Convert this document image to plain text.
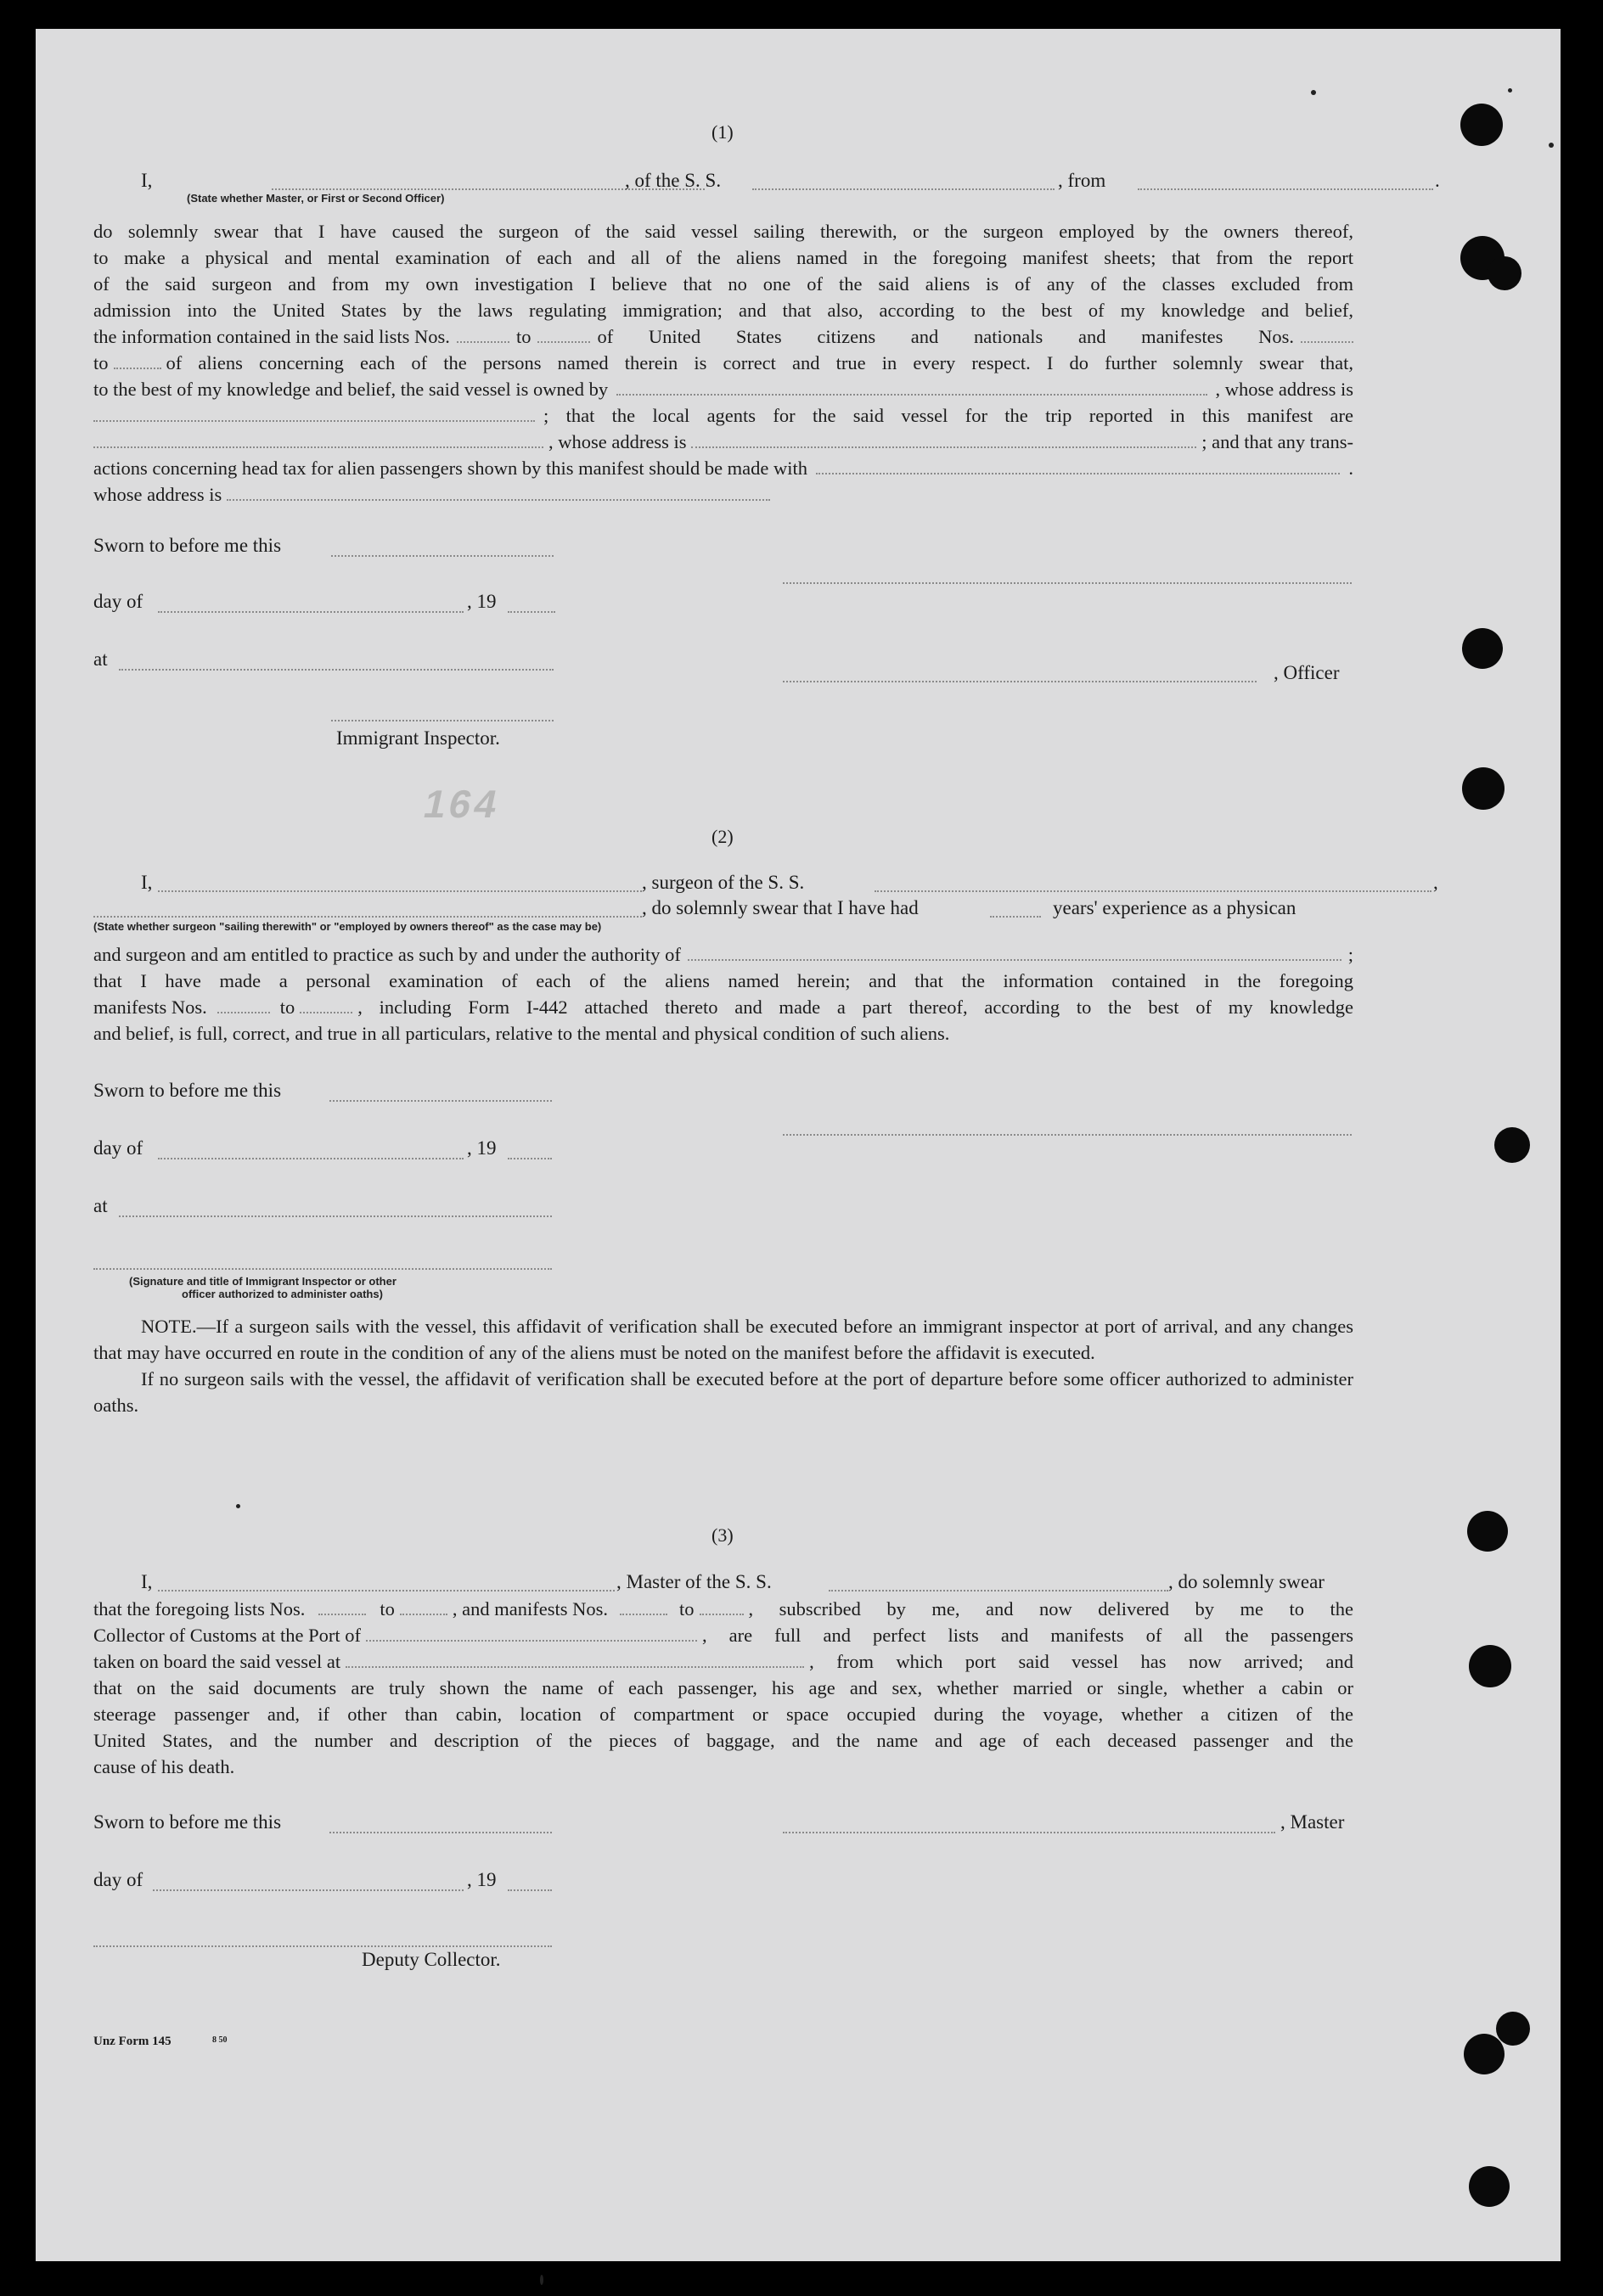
(1)
I,	, of the S. S.	, from	.
(State whether Master, or First or Second Officer)
do solemnly swear that I have caused the surgeon of the said vessel sailing therewith, or the surgeon employed by the owners thereof,
to make a physical and mental examination of each and all of the aliens named in the foregoing manifest sheets; that from the report
of the said surgeon and from my own investigation I believe that no one of the said aliens is of any of the classes excluded from
admission into the United States by the laws regulating immigration; and that also, according to the best of my knowledge and belief,
the information contained in the said lists Nos.	to	of United States citizens and nationals and manifestes Nos.
to	of aliens concerning each of the persons named therein is correct and true in every respect. I do further solemnly swear that,
to the best of my knowledge and belief, the said vessel is owned by	, whose address is
; that the local agents for the said vessel for the trip reported in this manifest are
, whose address is	; and that any trans-
actions concerning head tax for alien passengers shown by this manifest should be made with	.
whose address is
Sworn to before me this
day of	, 19
at
, Officer
Immigrant Inspector.
164
(2)
I,	, surgeon of the S. S.	,
, do solemnly swear that I have had	years' experience as a physican
(State whether surgeon "sailing therewith" or "employed by owners thereof" as the case may be)
and surgeon and am entitled to practice as such by and under the authority of	;
that I have made a personal examination of each of the aliens named herein; and that the information contained in the foregoing
manifests Nos.	to	, including Form I-442 attached thereto and made a part thereof, according to the best of my knowledge
and belief, is full, correct, and true in all particulars, relative to the mental and physical condition of such aliens.
Sworn to before me this
day of	, 19
at
(Signature and title of Immigrant Inspector or other
officer authorized to administer oaths)
NOTE.—If a surgeon sails with the vessel, this affidavit of verification shall be executed before an immigrant inspector at port of arrival, and any changes that may have occurred en route in the condition of any of the aliens must be noted on the manifest before the affidavit is executed.
If no surgeon sails with the vessel, the affidavit of verification shall be executed before at the port of departure before some officer authorized to administer oaths.
(3)
I,	, Master of the S. S.	, do solemnly swear
that the foregoing lists Nos.	to	, and manifests Nos.	to	, subscribed by me, and now delivered by me to the
Collector of Customs at the Port of	, are full and perfect lists and manifests of all the passengers
taken on board the said vessel at	, from which port said vessel has now arrived; and
that on the said documents are truly shown the name of each passenger, his age and sex, whether married or single, whether a cabin or
steerage passenger and, if other than cabin, location of compartment or space occupied during the voyage, whether a citizen of the
United States, and the number and description of the pieces of baggage, and the name and age of each deceased passenger and the
cause of his death.
Sworn to before me this	, Master
day of	, 19
Deputy Collector.
Unz Form 145	8 50
